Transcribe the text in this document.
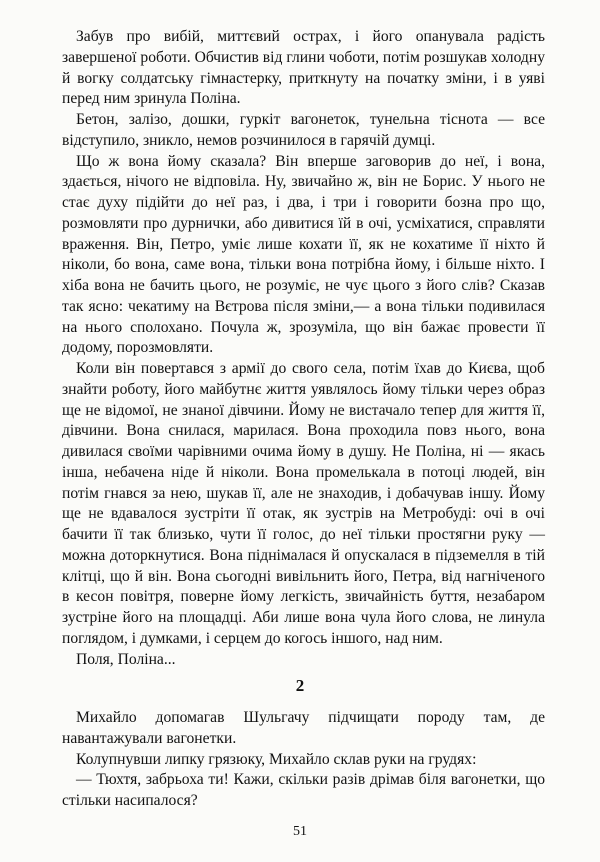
Забув про вибій, миттєвий острах, і його опанувала радість завершеної роботи. Обчистив від глини чоботи, потім розшукав холодну й вогку солдатську гімнастерку, приткнуту на початку зміни, і в уяві перед ним зринула Поліна.

Бетон, залізо, дошки, гуркіт вагонеток, тунельна тіснота — все відступило, зникло, немов розчинилося в гарячій думці.

Що ж вона йому сказала? Він вперше заговорив до неї, і вона, здається, нічого не відповіла. Ну, звичайно ж, він не Борис. У нього не стає духу підійти до неї раз, і два, і три і говорити бозна про що, розмовляти про дурнички, або дивитися їй в очі, усміхатися, справляти враження. Він, Петро, уміє лише кохати її, як не кохатиме її ніхто й ніколи, бо вона, саме вона, тільки вона потрібна йому, і більше ніхто. І хіба вона не бачить цього, не розуміє, не чує цього з його слів? Сказав так ясно: чекатиму на Вєтрова після зміни,— а вона тільки подивилася на нього сполохано. Почула ж, зрозуміла, що він бажає провести її додому, порозмовляти.

Коли він повертався з армії до свого села, потім їхав до Києва, щоб знайти роботу, його майбутнє життя уявлялось йому тільки через образ ще не відомої, не знаної дівчини. Йому не вистачало тепер для життя її, дівчини. Вона снилася, марилася. Вона проходила повз нього, вона дивилася своїми чарівними очима йому в душу. Не Поліна, ні — якась інша, небачена ніде й ніколи. Вона промелькала в потоці людей, він потім гнався за нею, шукав її, але не знаходив, і добачував іншу. Йому ще не вдавалося зустріти її отак, як зустрів на Метробуді: очі в очі бачити її так близько, чути її голос, до неї тільки простягни руку — можна доторкнутися. Вона піднімалася й опускалася в підземелля в тій клітці, що й він. Вона сьогодні вивільнить його, Петра, від нагніченого в кесон повітря, поверне йому легкість, звичайність буття, незабаром зустріне його на площадці. Аби лише вона чула його слова, не линула поглядом, і думками, і серцем до когось іншого, над ним.

Поля, Поліна...

2

Михайло допомагав Шульгачу підчищати породу там, де навантажували вагонетки.

Колупнувши липку грязюку, Михайло склав руки на грудях:

— Тюхтя, забрьоха ти! Кажи, скільки разів дрімав біля вагонетки, що стільки насипалося?

51
